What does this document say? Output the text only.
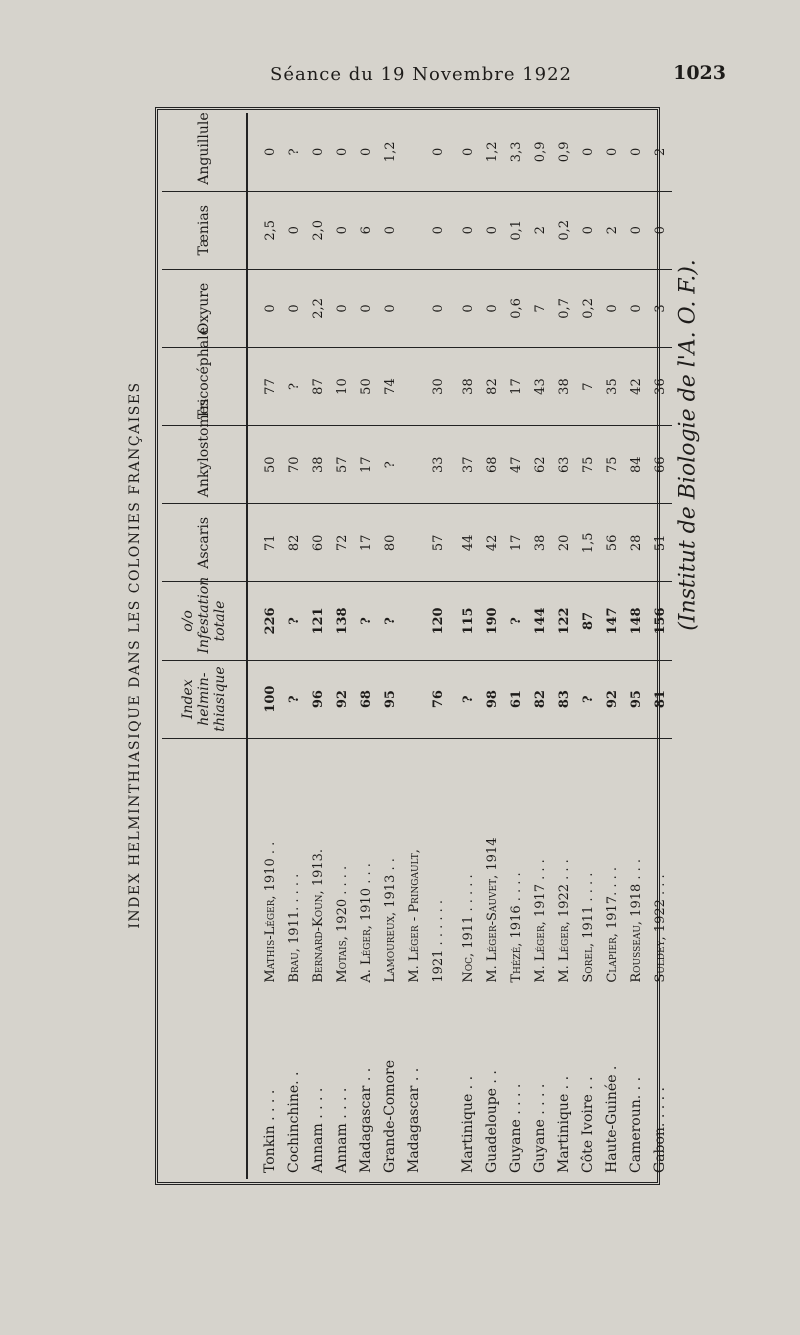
Séance du 19 Novembre 1922	1023
INDEX HELMINTHIASIQUE DANS LES COLONIES FRANÇAISES	(Institut de Biologie de l'A. O. F.).
		Index helmin-
thiasique	o/o
Infestation totale	Ascaris	Ankylostomes	Tricocéphale	Oxyure	Tænias	Anguillule
Tonkin . . . .	Mathis-Léger, 1910 . .	100	226	71	50	77	0	2,5	0
Cochinchine. .	Brau, 1911. . . . .	?	?	82	70	?	0	0	?
Annam . . . .	Bernard-Koun, 1913.	96	121	60	38	87	2,2	2,0	0
Annam . . . .	Motais, 1920 . . . .	92	138	72	57	10	0	0	0
Madagascar . .	A. Léger, 1910 . . .	68	?	17	17	50	0	6	0
Grande-Comore	Lamoureux, 1913 . .	95	?	80	?	74	0	0	1,2
Madagascar . .	M. Léger - Pringault,								
	1921 . . . . . .	76	120	57	33	30	0	0	0
Martinique . .	Noc, 1911 . . . . .	?	115	44	37	38	0	0	0
Guadeloupe . .	M. Léger-Sauvet, 1914	98	190	42	68	82	0	0	1,2
Guyane . . . .	Thézé, 1916 . . . .	61	?	17	47	17	0,6	0,1	3,3
Guyane . . . .	M. Léger, 1917 . . .	82	144	38	62	43	7	2	0,9
Martinique . .	M. Léger, 1922 . . .	83	122	20	63	38	0,7	0,2	0,9
Côte Ivoire . .	Sorel, 1911 . . . .	?	87	1,5	75	7	0,2	0	0
Haute-Guinée .	Clapier, 1917. . . .	92	147	56	75	35	0	2	0
Cameroun. . .	Rousseau, 1918 . . .	95	148	28	84	42	0	0	0
Gabon. . . . .	Suldey, 1922 . . .	81	156	51	66	36	3	0	2
